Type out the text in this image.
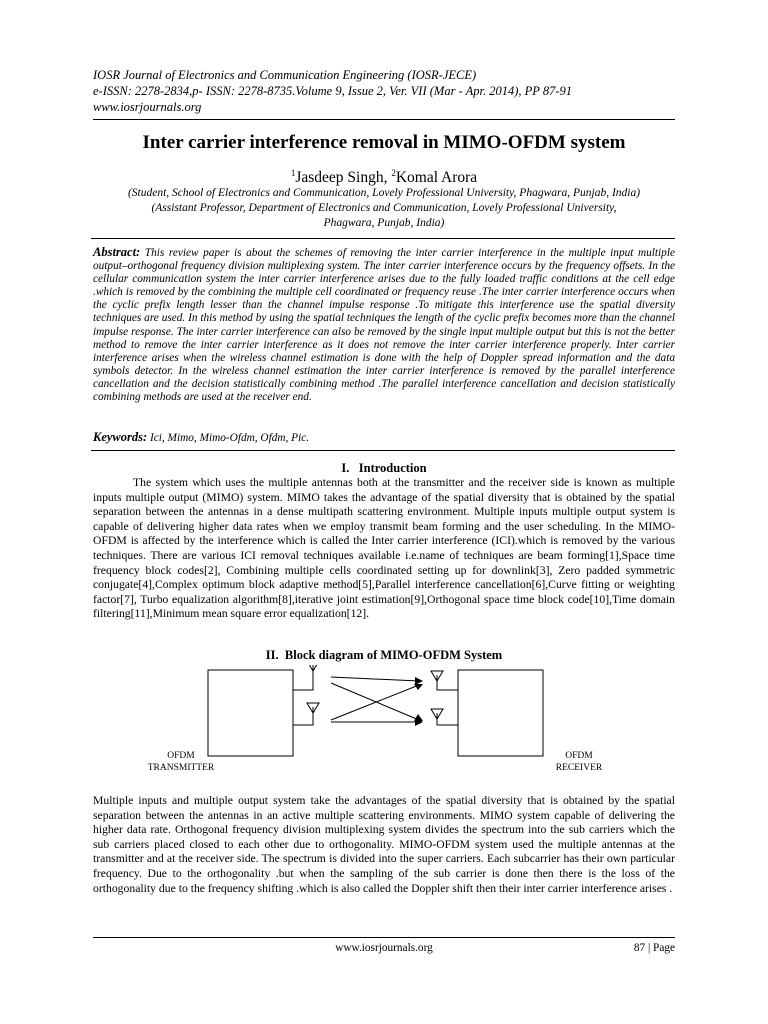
IOSR Journal of Electronics and Communication Engineering (IOSR-JECE)
e-ISSN: 2278-2834,p- ISSN: 2278-8735.Volume 9, Issue 2, Ver. VII (Mar - Apr. 2014), PP 87-91
www.iosrjournals.org
Inter carrier interference removal in MIMO-OFDM system
$^1$Jasdeep Singh, $^2$Komal Arora
(Student, School of Electronics and Communication, Lovely Professional University, Phagwara, Punjab, India)
(Assistant Professor, Department of Electronics and Communication, Lovely Professional University,
Phagwara, Punjab, India)

Abstract: This review paper is about the schemes of removing the inter carrier interference in the multiple input multiple output–orthogonal frequency division multiplexing system. The inter carrier interference occurs by the frequency offsets. In the cellular communication system the inter carrier interference arises due to the fully loaded traffic conditions at the cell edge .which is removed by the combining the multiple cell coordinated or frequency reuse .The inter carrier interference occurs when the cyclic prefix length lesser than the channel impulse response .To mitigate this interference use the spatial diversity techniques are used. In this method by using the spatial techniques the length of the cyclic prefix becomes more than the channel impulse response. The inter carrier interference can also be removed by the single input multiple output but this is not the better method to remove the inter carrier interference as it does not remove the inter carrier interference properly. Inter carrier interference arises when the wireless channel estimation is done with the help of Doppler spread information and the data symbols detector. In the wireless channel estimation the inter carrier interference is removed by the parallel interference cancellation and the decision statistically combining method .The parallel interference cancellation and decision statistically combining methods are used at the receiver end.

Keywords: Ici, Mimo, Mimo-Ofdm, Ofdm, Pic.

I.   Introduction

The system which uses the multiple antennas both at the transmitter and the receiver side is known as multiple inputs multiple output (MIMO) system. MIMO takes the advantage of the spatial diversity that is obtained by the spatial separation between the antennas in a dense multipath scattering environment. Multiple inputs multiple output system is capable of delivering higher data rates when we employ transmit beam forming and the user scheduling. In the MIMO-OFDM is affected by the interference which is called the Inter carrier interference (ICI).which is removed by the various techniques. There are various ICI removal techniques available i.e.name of techniques are beam forming[1],Space time frequency block codes[2], Combining multiple cells coordinated setting up for downlink[3], Zero padded symmetric conjugate[4],Complex optimum block adaptive method[5],Parallel interference cancellation[6],Curve fitting or weighting factor[7], Turbo equalization algorithm[8],iterative joint estimation[9],Orthogonal space time block code[10],Time domain filtering[11],Minimum mean square error equalization[12].

II.  Block diagram of MIMO-OFDM System
OFDM
TRANSMITTER
OFDM
RECEIVER

Multiple inputs and multiple output system take the advantages of the spatial diversity that is obtained by the spatial separation between the antennas in an active multiple scattering environments. MIMO system capable of delivering the higher data rate. Orthogonal frequency division multiplexing system divides the spectrum into the sub carriers which the sub carriers placed closed to each other due to orthogonality. MIMO-OFDM system used the multiple antennas at the transmitter and at the receiver side. The spectrum is divided into the super carriers. Each subcarrier has their own particular frequency. Due to the orthogonality .but when the sampling of the sub carrier is done then there is the loss of the orthogonality due to the frequency shifting .which is also called the Doppler shift then their inter carrier interference arises .

www.iosrjournals.org	87 | Page
